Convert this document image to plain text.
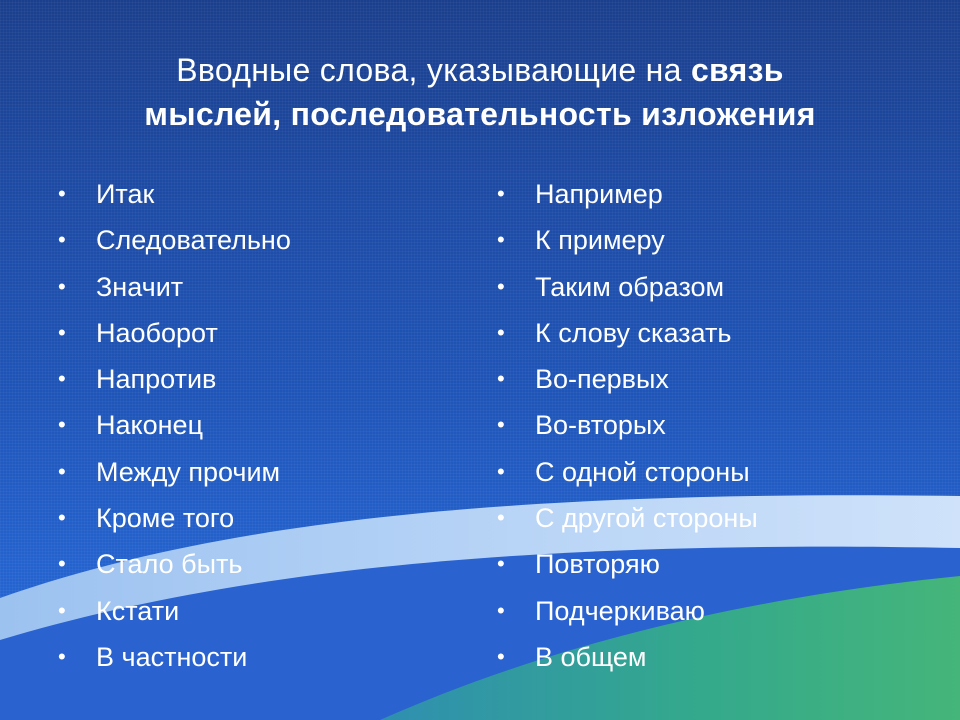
Вводные слова, указывающие на связь
мыслей, последовательность изложения
• Итак
• Следовательно
• Значит
• Наоборот
• Напротив
• Наконец
• Между прочим
• Кроме того
• Стало быть
• Кстати
• В частности
• Например
• К примеру
• Таким образом
• К слову сказать
• Во-первых
• Во-вторых
• С одной стороны
• С другой стороны
• Повторяю
• Подчеркиваю
• В общем
